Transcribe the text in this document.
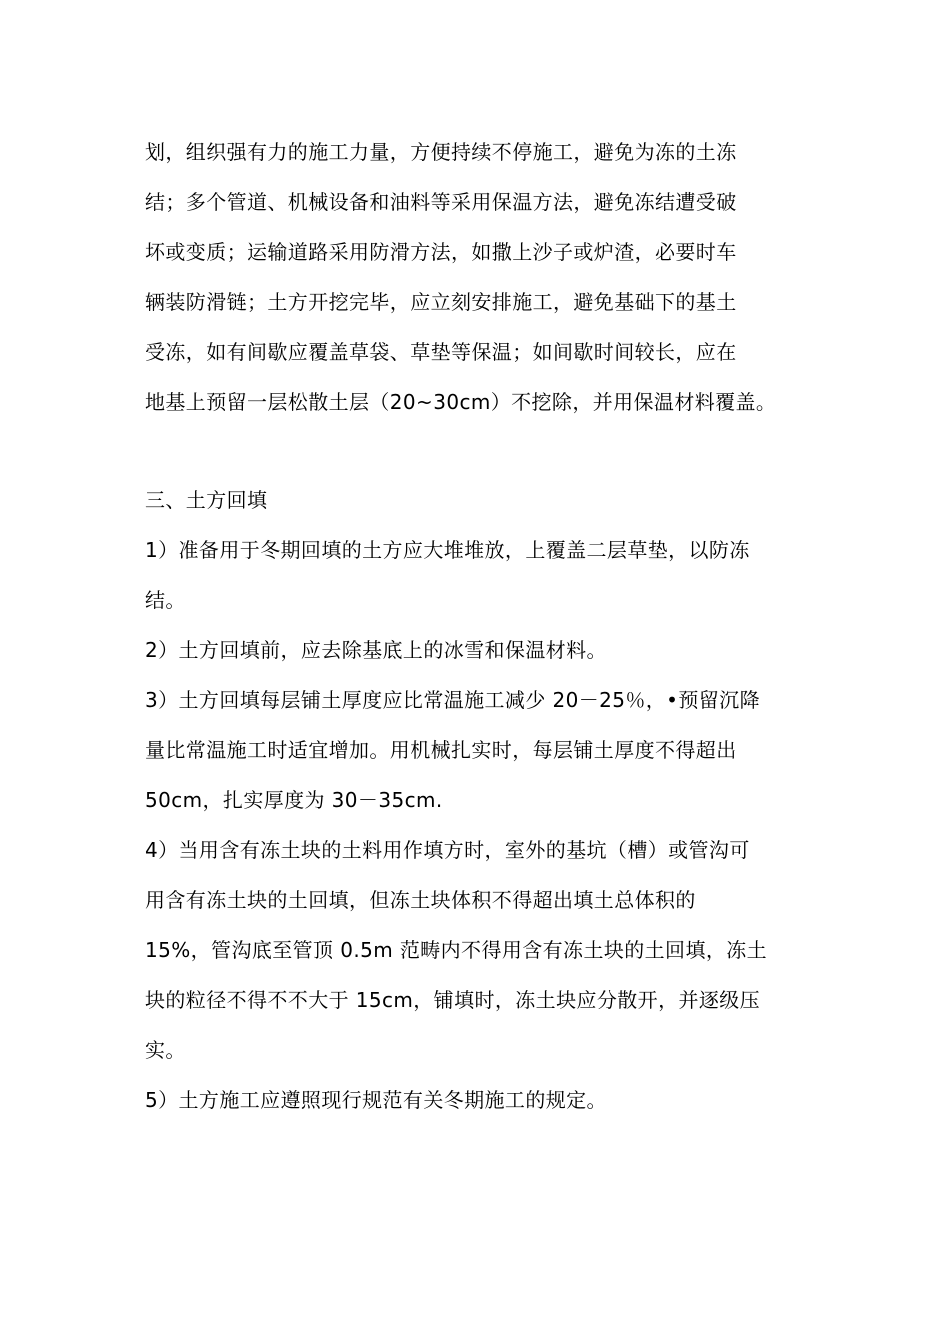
划，组织强有力的施工力量，方便持续不停施工，避免为冻的土冻
结；多个管道、机械设备和油料等采用保温方法，避免冻结遭受破
坏或变质；运输道路采用防滑方法，如撒上沙子或炉渣，必要时车
辆装防滑链；土方开挖完毕，应立刻安排施工，避免基础下的基土
受冻，如有间歇应覆盖草袋、草垫等保温；如间歇时间较长，应在
地基上预留一层松散土层（20~30cm）不挖除，并用保温材料覆盖。
三、土方回填
1）准备用于冬期回填的土方应大堆堆放，上覆盖二层草垫，以防冻
结。
2）土方回填前，应去除基底上的冰雪和保温材料。
3）土方回填每层铺土厚度应比常温施工减少 20－25％，•预留沉降
量比常温施工时适宜增加。用机械扎实时，每层铺土厚度不得超出
50cm，扎实厚度为 30－35cm.
4）当用含有冻土块的土料用作填方时，室外的基坑（槽）或管沟可
用含有冻土块的土回填，但冻土块体积不得超出填土总体积的
15%，管沟底至管顶 0.5m 范畴内不得用含有冻土块的土回填，冻土
块的粒径不得不不大于 15cm，铺填时，冻土块应分散开，并逐级压
实。
5）土方施工应遵照现行规范有关冬期施工的规定。
